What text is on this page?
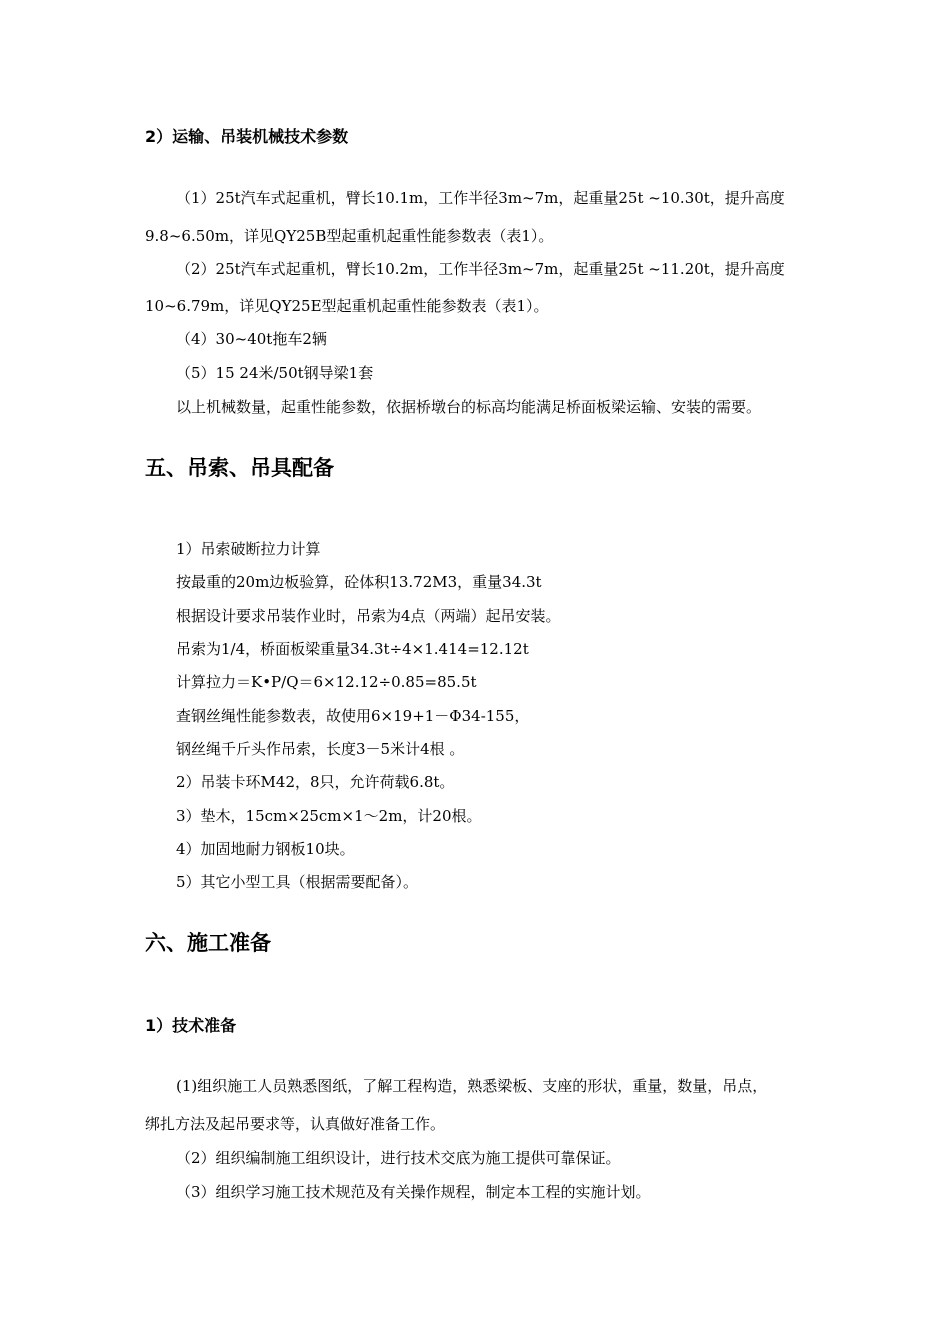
2）运输、吊装机械技术参数
（1）25t汽车式起重机，臂长10.1m，工作半径3m~7m，起重量25t ~10.30t，提升高度
9.8~6.50m，详见QY25B型起重机起重性能参数表（表1）。
（2）25t汽车式起重机，臂长10.2m，工作半径3m~7m，起重量25t ~11.20t，提升高度
10~6.79m，详见QY25E型起重机起重性能参数表（表1）。
（4）30~40t拖车2辆
（5）15 24米/50t钢导梁1套
以上机械数量，起重性能参数，依据桥墩台的标高均能满足桥面板梁运输、安装的需要。
五、吊索、吊具配备
1）吊索破断拉力计算
按最重的20m边板验算，砼体积13.72M3，重量34.3t
根据设计要求吊装作业时，吊索为4点（两端）起吊安装。
吊索为1/4，桥面板梁重量34.3t÷4×1.414=12.12t
计算拉力＝K•P/Q＝6×12.12÷0.85=85.5t
查钢丝绳性能参数表，故使用6×19+1－Φ34-155，
钢丝绳千斤头作吊索，长度3－5米计4根 。
2）吊装卡环M42，8只，允许荷载6.8t。
3）垫木，15cm×25cm×1～2m，计20根。
4）加固地耐力钢板10块。
5）其它小型工具（根据需要配备）。
六、施工准备
1）技术准备
(1)组织施工人员熟悉图纸，了解工程构造，熟悉梁板、支座的形状，重量，数量，吊点，
绑扎方法及起吊要求等，认真做好准备工作。
（2）组织编制施工组织设计，进行技术交底为施工提供可靠保证。
（3）组织学习施工技术规范及有关操作规程，制定本工程的实施计划。
